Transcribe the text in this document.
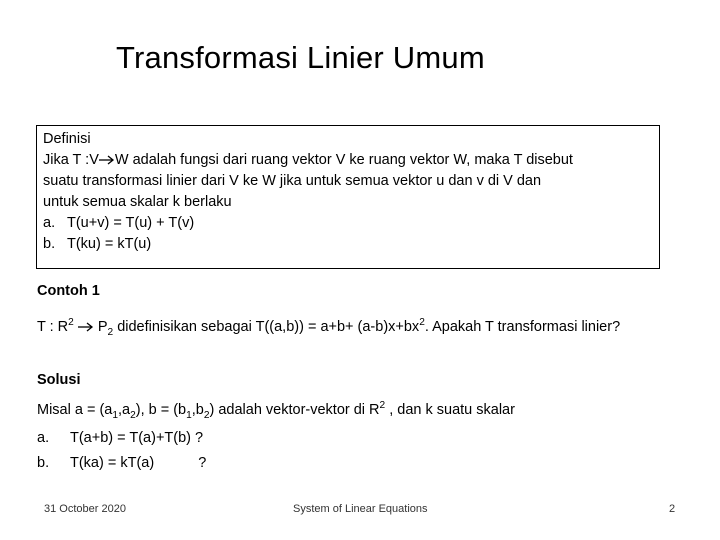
Transformasi Linier Umum
Definisi
Jika T :V W adalah fungsi dari ruang vektor V ke ruang vektor W, maka T disebut
suatu transformasi linier dari V ke W jika untuk semua vektor u dan v di V dan
untuk semua skalar k berlaku
a. T(u+v) = T(u) + T(v)
b. T(ku) = kT(u)
Contoh 1
T : $R^2$ $P_2$ didefinisikan sebagai $T((a,b)) = a+b+ (a-b)x+bx^2$. Apakah T transformasi linier?
Solusi
Misal $a = (a_1,a_2)$, $b = (b_1,b_2)$ adalah vektor-vektor di $R^2$ , dan k suatu skalar
a. T(a+b) = T(a)+T(b) ?
b. T(ka) = kT(a)	?
31 October 2020	System of Linear Equations	2
